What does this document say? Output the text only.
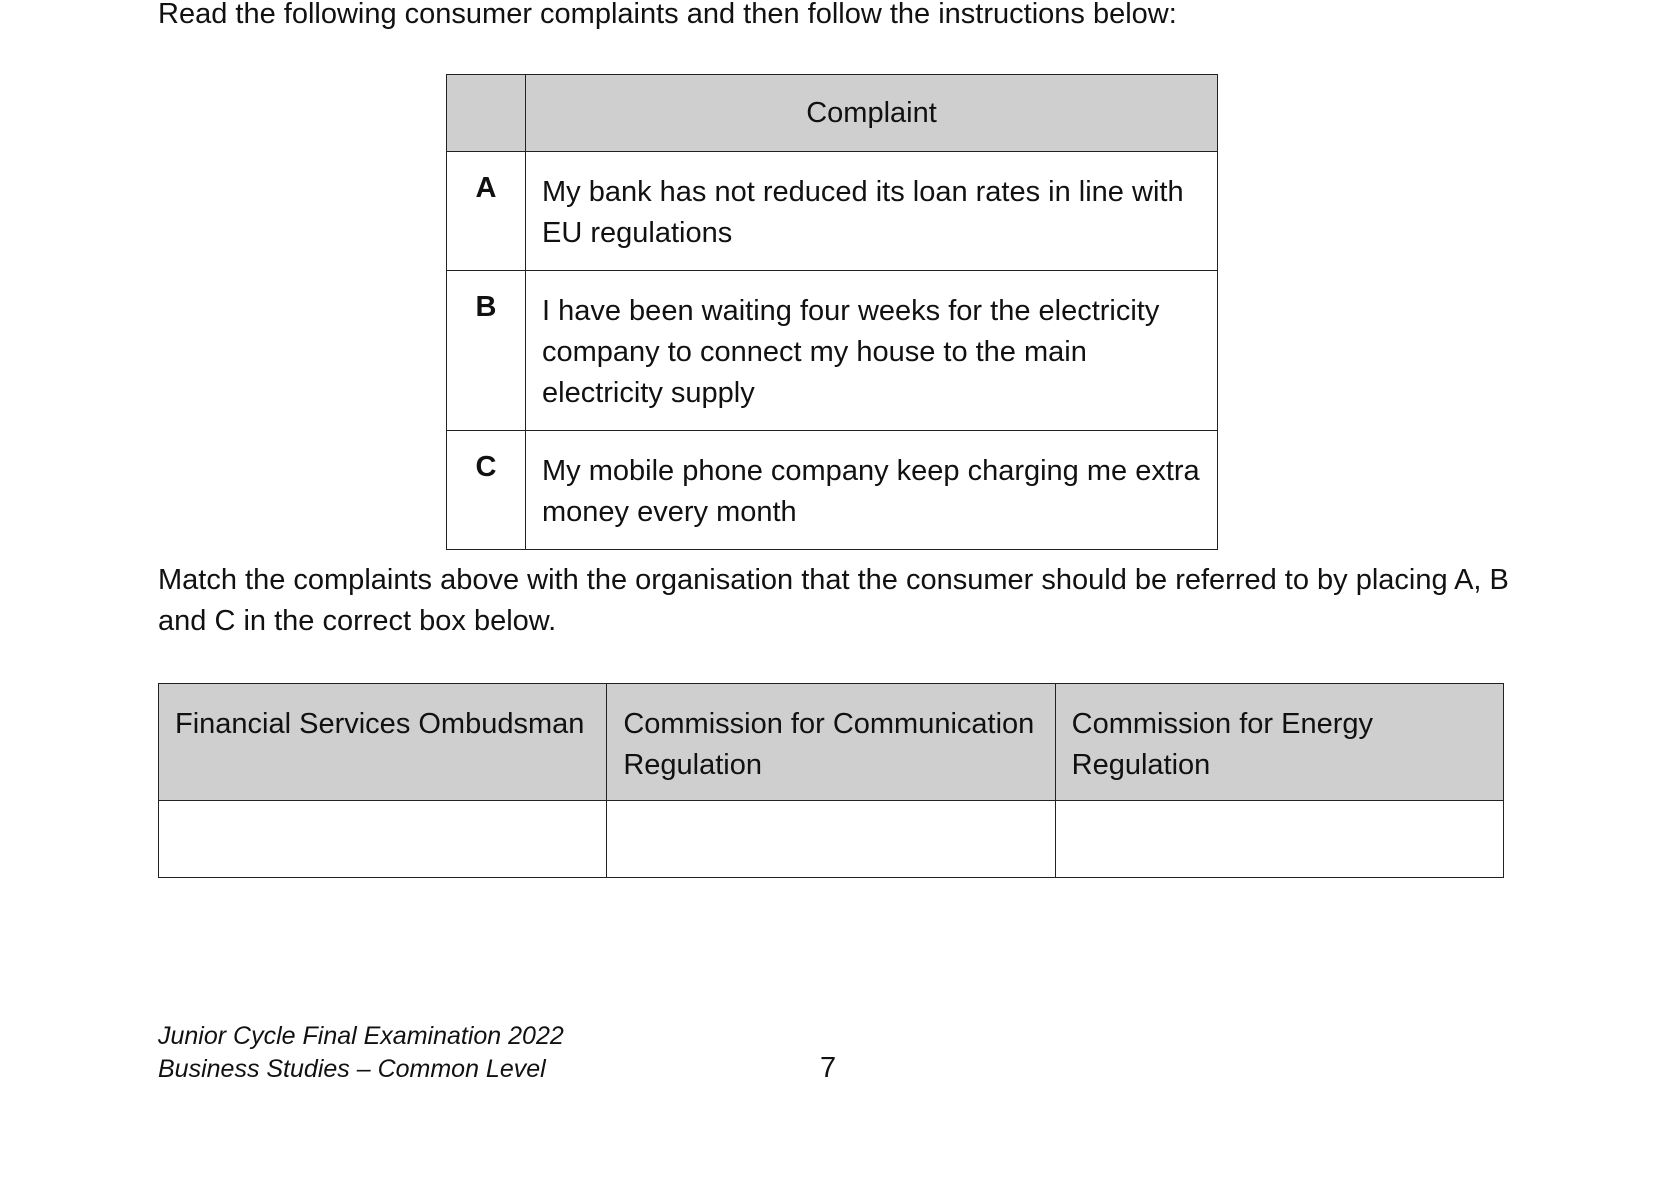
Read the following consumer complaints and then follow the instructions below:

	Complaint
A	My bank has not reduced its loan rates in line with EU regulations
B	I have been waiting four weeks for the electricity company to connect my house to the main electricity supply
C	My mobile phone company keep charging me extra money every month

Match the complaints above with the organisation that the consumer should be referred to by placing A, B and C in the correct box below.

Financial Services Ombudsman	Commission for Communication Regulation	Commission for Energy Regulation

Junior Cycle Final Examination 2022
Business Studies – Common Level	7
